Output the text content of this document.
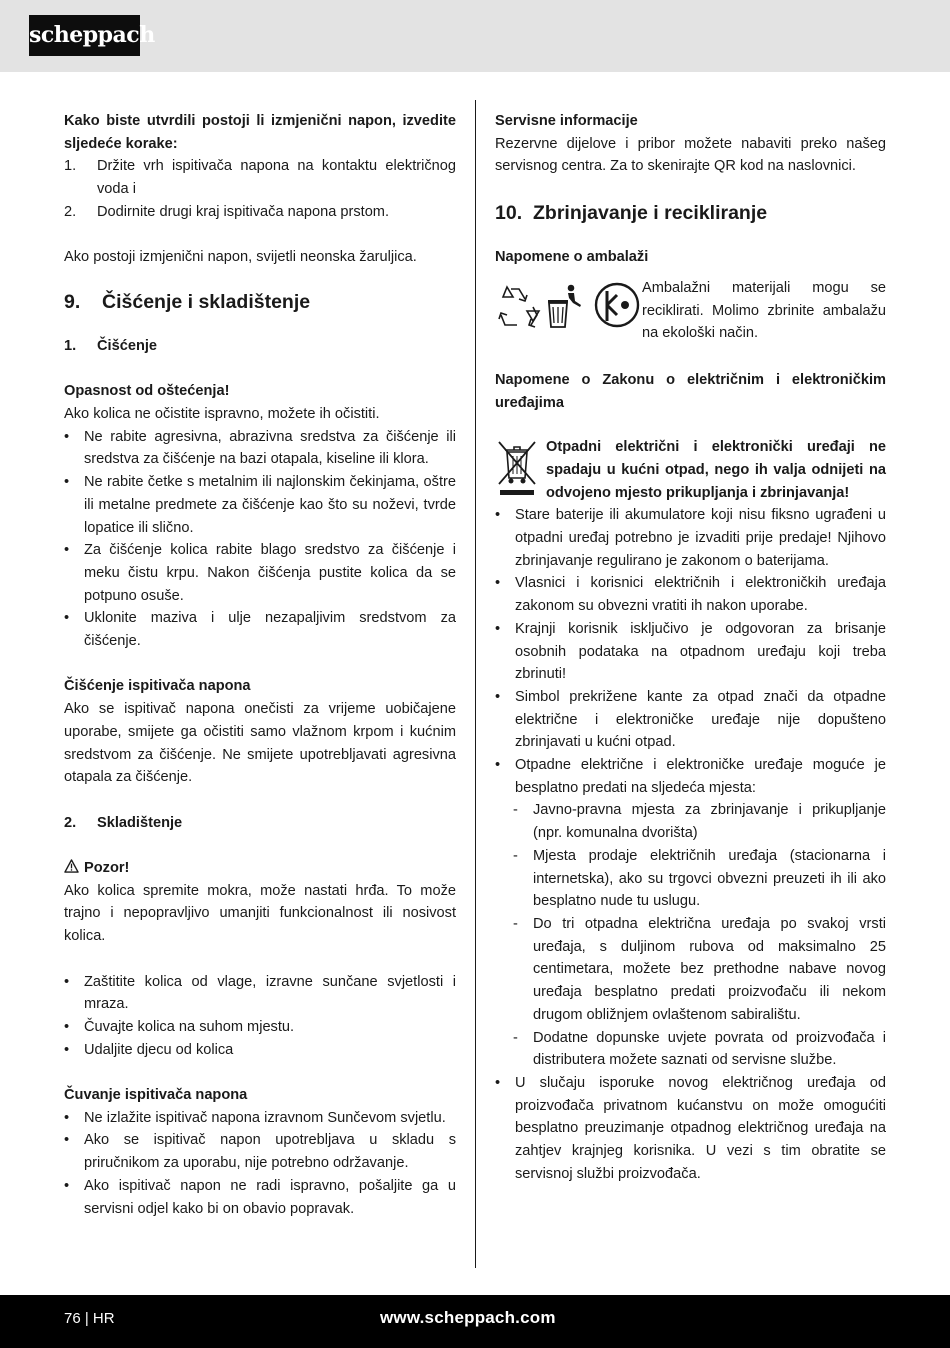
scheppach

Kako biste utvrdili postoji li izmjenični napon, izvedite sljedeće korake:

1. Držite vrh ispitivača napona na kontaktu električnog voda i
2. Dodirnite drugi kraj ispitivača napona prstom.

Ako postoji izmjenični napon, svijetli neonska žaruljica.

9. Čišćenje i skladištenje

1. Čišćenje

Opasnost od oštećenja!

Ako kolica ne očistite ispravno, možete ih očistiti.

• Ne rabite agresivna, abrazivna sredstva za čišćenje ili sredstva za čišćenje na bazi otapala, kiseline ili klora.
• Ne rabite četke s metalnim ili najlonskim čekinjama, oštre ili metalne predmete za čišćenje kao što su noževi, tvrde lopatice ili slično.
• Za čišćenje kolica rabite blago sredstvo za čišćenje i meku čistu krpu. Nakon čišćenja pustite kolica da se potpuno osuše.
• Uklonite maziva i ulje nezapaljivim sredstvom za čišćenje.

Čišćenje ispitivača napona

Ako se ispitivač napona onečisti za vrijeme uobičajene uporabe, smijete ga očistiti samo vlažnom krpom i kućnim sredstvom za čišćenje. Ne smijete upotrebljavati agresivna otapala za čišćenje.

2. Skladištenje

Pozor!

Ako kolica spremite mokra, može nastati hrđa. To može trajno i nepopravljivo umanjiti funkcionalnost ili nosivost kolica.

• Zaštitite kolica od vlage, izravne sunčane svjetlosti i mraza.
• Čuvajte kolica na suhom mjestu.
• Udaljite djecu od kolica

Čuvanje ispitivača napona

• Ne izlažite ispitivač napona izravnom Sunčevom svjetlu.
• Ako se ispitivač napon upotrebljava u skladu s priručnikom za uporabu, nije potrebno održavanje.
• Ako ispitivač napon ne radi ispravno, pošaljite ga u servisni odjel kako bi on obavio popravak.

Servisne informacije

Rezervne dijelove i pribor možete nabaviti preko našeg servisnog centra. Za to skenirajte QR kod na naslovnici.

10. Zbrinjavanje i recikliranje

Napomene o ambalaži

Ambalažni materijali mogu se reciklirati. Molimo zbrinite ambalažu na ekološki način.

Napomene o Zakonu o električnim i elektroničkim uređajima

Otpadni električni i elektronički uređaji ne spadaju u kućni otpad, nego ih valja odnijeti na odvojeno mjesto prikupljanja i zbrinjavanja!

• Stare baterije ili akumulatore koji nisu fiksno ugrađeni u otpadni uređaj potrebno je izvaditi prije predaje! Njihovo zbrinjavanje regulirano je zakonom o baterijama.
• Vlasnici i korisnici električnih i elektroničkih uređaja zakonom su obvezni vratiti ih nakon uporabe.
• Krajnji korisnik isključivo je odgovoran za brisanje osobnih podataka na otpadnom uređaju koji treba zbrinuti!
• Simbol prekrižene kante za otpad znači da otpadne električne i elektroničke uređaje nije dopušteno zbrinjavati u kućni otpad.
• Otpadne električne i elektroničke uređaje moguće je besplatno predati na sljedeća mjesta:
- Javno-pravna mjesta za zbrinjavanje i prikupljanje (npr. komunalna dvorišta)
- Mjesta prodaje električnih uređaja (stacionarna i internetska), ako su trgovci obvezni preuzeti ih ili ako besplatno nude tu uslugu.
- Do tri otpadna električna uređaja po svakoj vrsti uređaja, s duljinom rubova od maksimalno 25 centimetara, možete bez prethodne nabave novog uređaja besplatno predati proizvođaču ili nekom drugom obližnjem ovlaštenom sabiralištu.
- Dodatne dopunske uvjete povrata od proizvođača i distributera možete saznati od servisne službe.
• U slučaju isporuke novog električnog uređaja od proizvođača privatnom kućanstvu on može omogućiti besplatno preuzimanje otpadnog električnog uređaja na zahtjev krajnjeg korisnika. U vezi s tim obratite se servisnoj službi proizvođača.
76 | HR	www.scheppach.com
